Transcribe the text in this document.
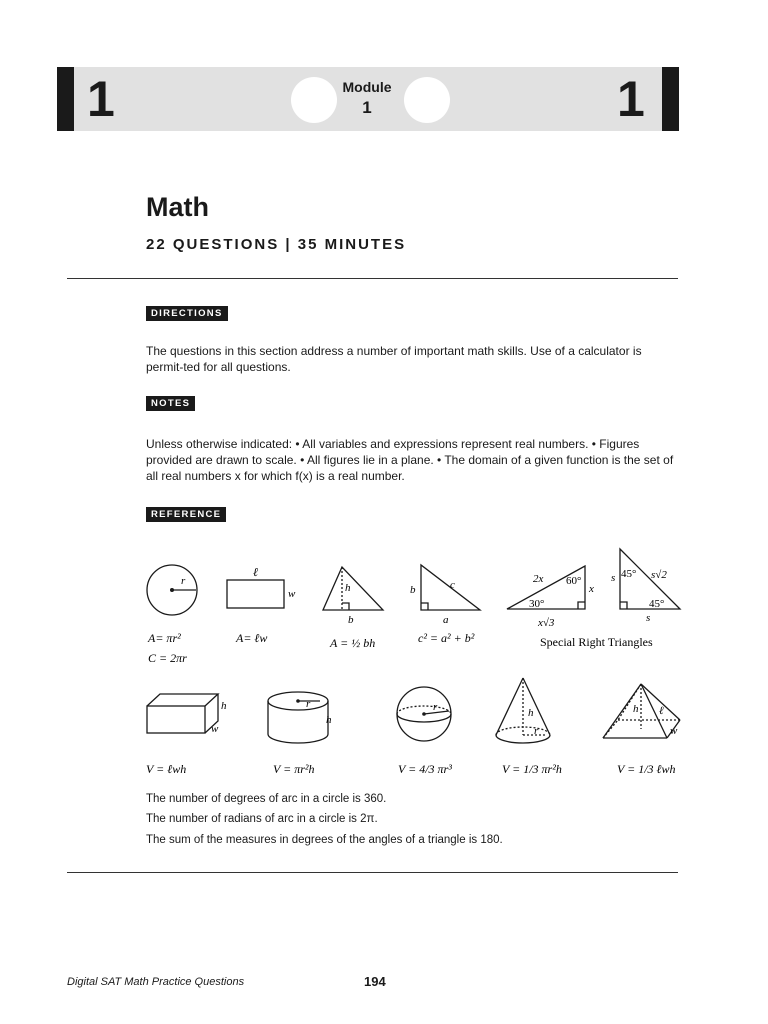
1	Module
1	1
Math
22 QUESTIONS | 35 MINUTES
DIRECTIONS
The questions in this section address a number of important math skills. Use of a calculator is permit-ted for all questions.
NOTES
Unless otherwise indicated: • All variables and expressions represent real numbers. • Figures provided are drawn to scale. • All figures lie in a plane. • The domain of a given function is the set of all real numbers x for which f(x) is a real number.
REFERENCE
r
A= πr²
C = 2πr
ℓ
w
A= ℓw
h
b
A = ½ bh
b	c
a
c² = a² + b²
2x 60°
x
30°
x√3
45°
s	s√2
45°
s
Special Right Triangles
h
w
V = ℓwh
r
h
V = πr²h
r
V = 4/3 πr³
h
r
V = 1/3 πr²h
h ℓ
w
V = 1/3 ℓwh
The number of degrees of arc in a circle is 360.
The number of radians of arc in a circle is 2π.
The sum of the measures in degrees of the angles of a triangle is 180.
Digital SAT Math Practice Questions	194
